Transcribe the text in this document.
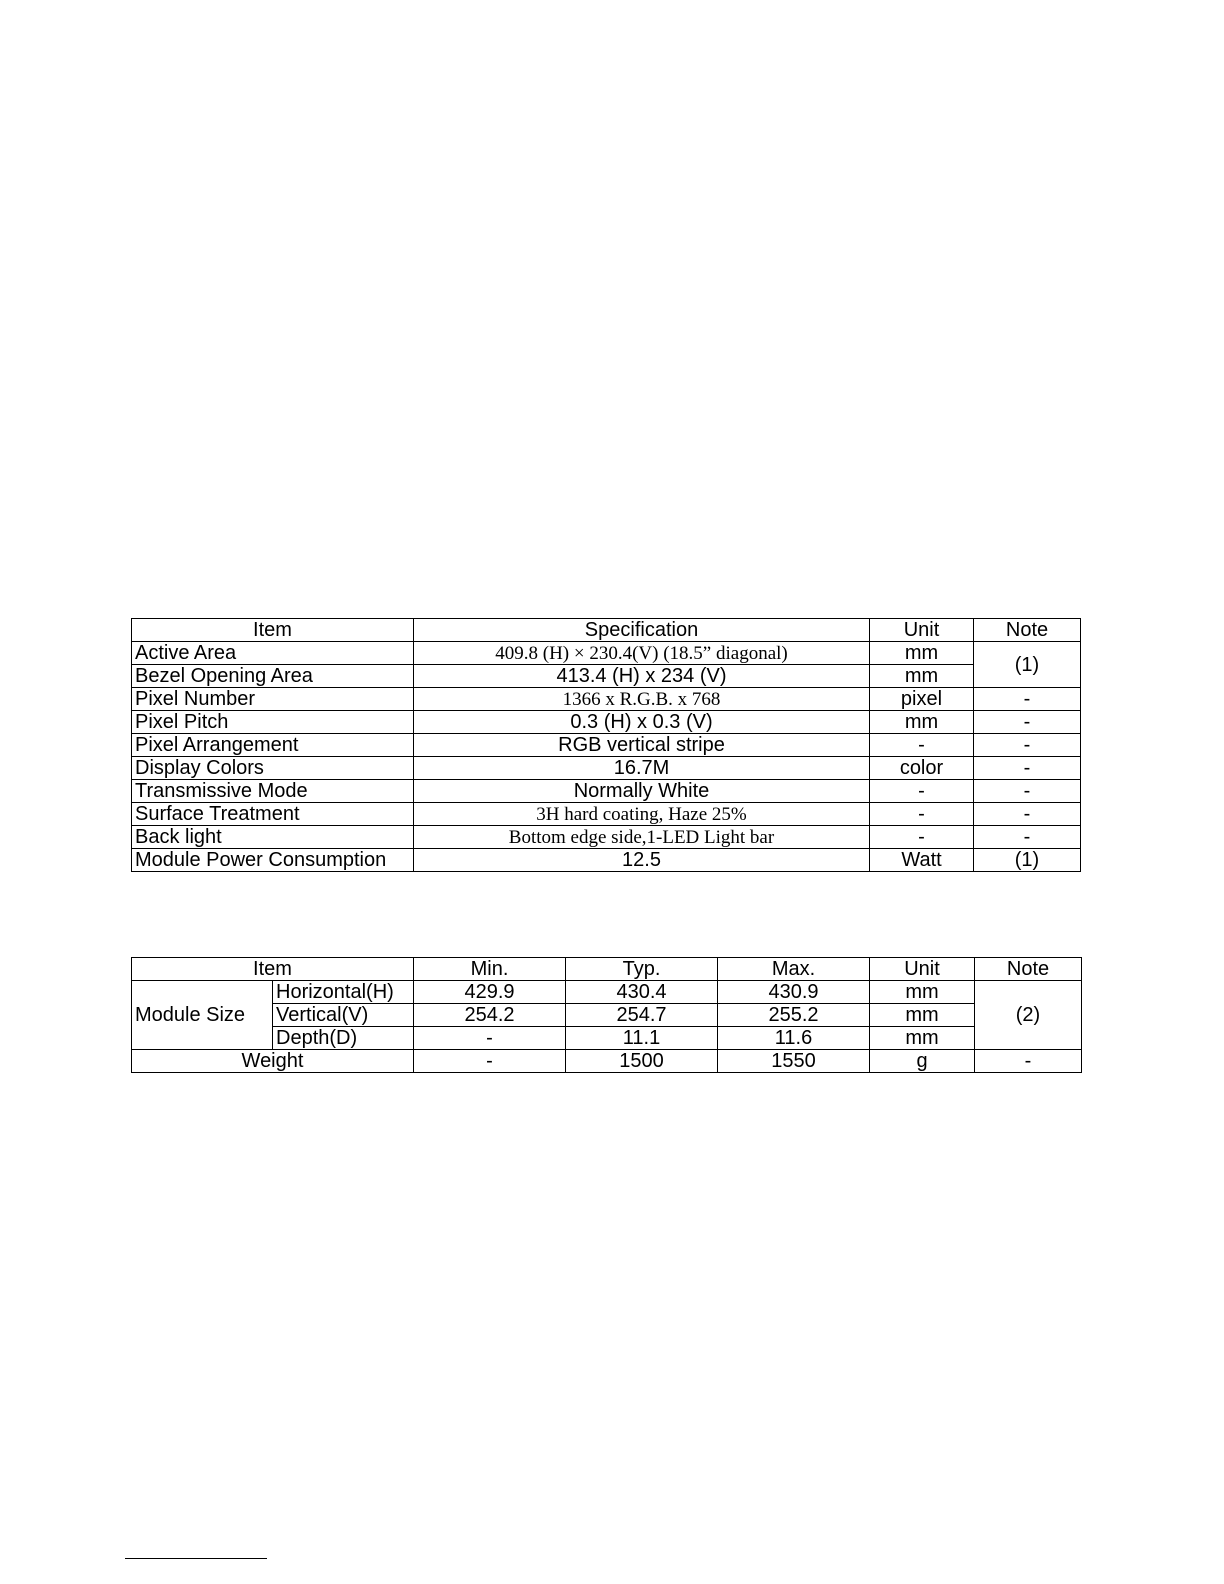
Item	Specification	Unit	Note
Active Area	409.8 (H) × 230.4(V) (18.5” diagonal)	mm	(1)
Bezel Opening Area	413.4 (H) x 234 (V)	mm	
Pixel Number	1366 x R.G.B. x 768	pixel	-
Pixel Pitch	0.3 (H) x 0.3 (V)	mm	-
Pixel Arrangement	RGB vertical stripe	-	-
Display Colors	16.7M	color	-
Transmissive Mode	Normally White	-	-
Surface Treatment	3H hard coating, Haze 25%	-	-
Back light	Bottom edge side,1-LED Light bar	-	-
Module Power Consumption	12.5	Watt	(1)
Item		Min.	Typ.	Max.	Unit	Note
Module Size	Horizontal(H)	429.9	430.4	430.9	mm	(2)
	Vertical(V)	254.2	254.7	255.2	mm	
	Depth(D)	-	11.1	11.6	mm	
Weight		-	1500	1550	g	-
